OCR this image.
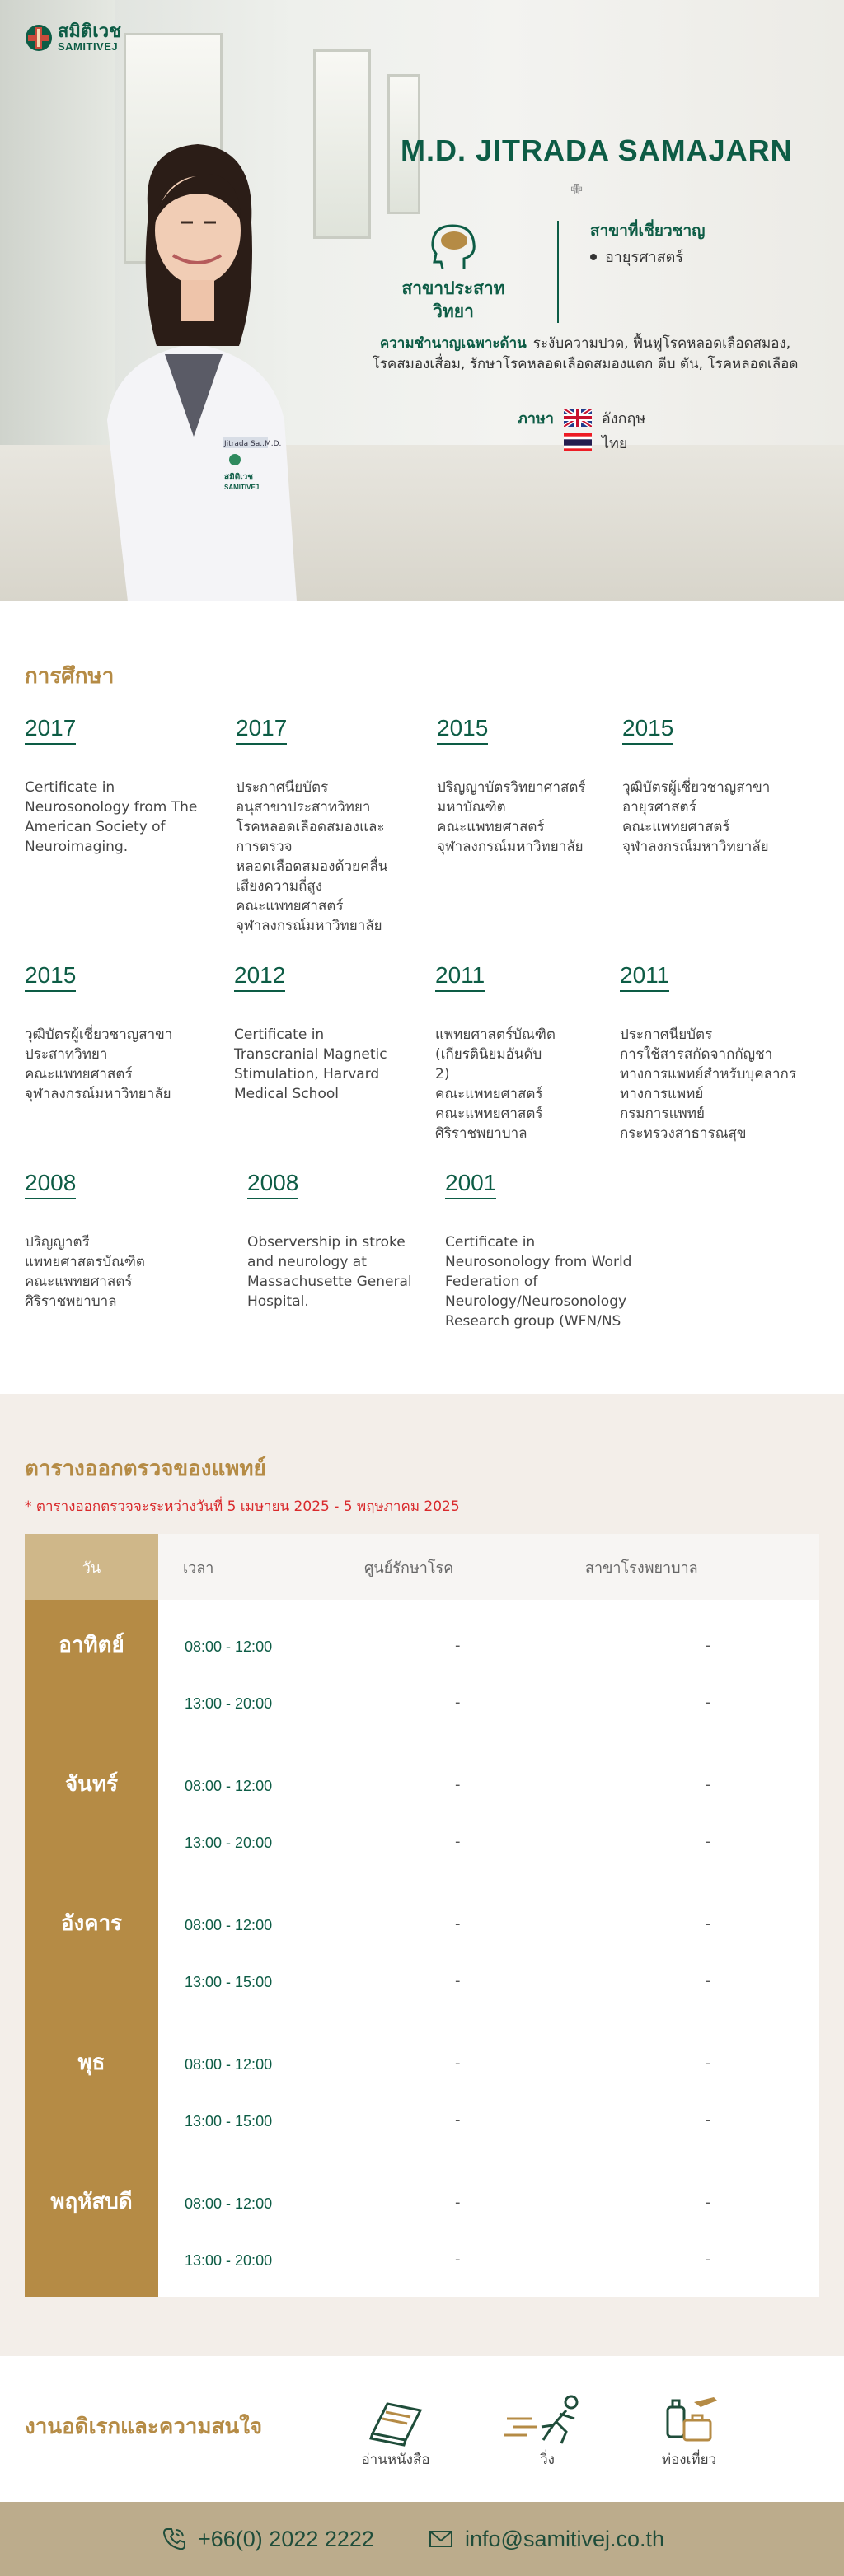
Jitrada Sa..M.D.
สมิติเวช
SAMITIVEJ
สมิติเวช
SAMITIVEJ
M.D. JITRADA SAMAJARN
✙
สาขาประสาทวิทยา
สาขาที่เชี่ยวชาญ
อายุรศาสตร์
ความชำนาญเฉพาะด้าน ระงับความปวด, ฟื้นฟูโรคหลอดเลือดสมอง, โรคสมองเสื่อม, รักษาโรคหลอดเลือดสมองแตก ตีบ ตัน, โรคหลอดเลือด
ภาษา	อังกฤษ
ไทย
การศึกษา
2017
Certificate in
Neurosonology from The
American Society of
Neuroimaging.
2017
ประกาศนียบัตร
อนุสาขาประสาทวิทยา
โรคหลอดเลือดสมองและ
การตรวจ
หลอดเลือดสมองด้วยคลื่น
เสียงความถี่สูง
คณะแพทยศาสตร์
จุฬาลงกรณ์มหาวิทยาลัย
2015
ปริญญาบัตรวิทยาศาสตร์
มหาบัณฑิต
คณะแพทยศาสตร์
จุฬาลงกรณ์มหาวิทยาลัย
2015
วุฒิบัตรผู้เชี่ยวชาญสาขา
อายุรศาสตร์
คณะแพทยศาสตร์
จุฬาลงกรณ์มหาวิทยาลัย
2015
วุฒิบัตรผู้เชี่ยวชาญสาขา
ประสาทวิทยา
คณะแพทยศาสตร์
จุฬาลงกรณ์มหาวิทยาลัย
2012
Certificate in
Transcranial Magnetic
Stimulation, Harvard
Medical School
2011
แพทยศาสตร์บัณฑิต
(เกียรตินิยมอันดับ
2)
คณะแพทยศาสตร์
คณะแพทยศาสตร์
ศิริราชพยาบาล
2011
ประกาศนียบัตร
การใช้สารสกัดจากกัญชา
ทางการแพทย์สำหรับบุคลากร
ทางการแพทย์
กรมการแพทย์
กระทรวงสาธารณสุข
2008
ปริญญาตรี
แพทยศาสตรบัณฑิต
คณะแพทยศาสตร์
ศิริราชพยาบาล
2008
Observership in stroke
and neurology at
Massachusette General
Hospital.
2001
Certificate in
Neurosonology from World
Federation of
Neurology/Neurosonology
Research group (WFN/NS
ตารางออกตรวจของแพทย์
* ตารางออกตรวจจะระหว่างวันที่ 5 เมษายน 2025 - 5 พฤษภาคม 2025
วัน	เวลา	ศูนย์รักษาโรค	สาขาโรงพยาบาล
อาทิตย์	08:00 - 12:00	-	-
13:00 - 20:00	-	-
จันทร์	08:00 - 12:00	-	-
13:00 - 20:00	-	-
อังคาร	08:00 - 12:00	-	-
13:00 - 15:00	-	-
พุธ	08:00 - 12:00	-	-
13:00 - 15:00	-	-
พฤหัสบดี	08:00 - 12:00	-	-
13:00 - 20:00	-	-
งานอดิเรกและความสนใจ
อ่านหนังสือ	วิ่ง	ท่องเที่ยว
+66(0) 2022 2222	info@samitivej.co.th
